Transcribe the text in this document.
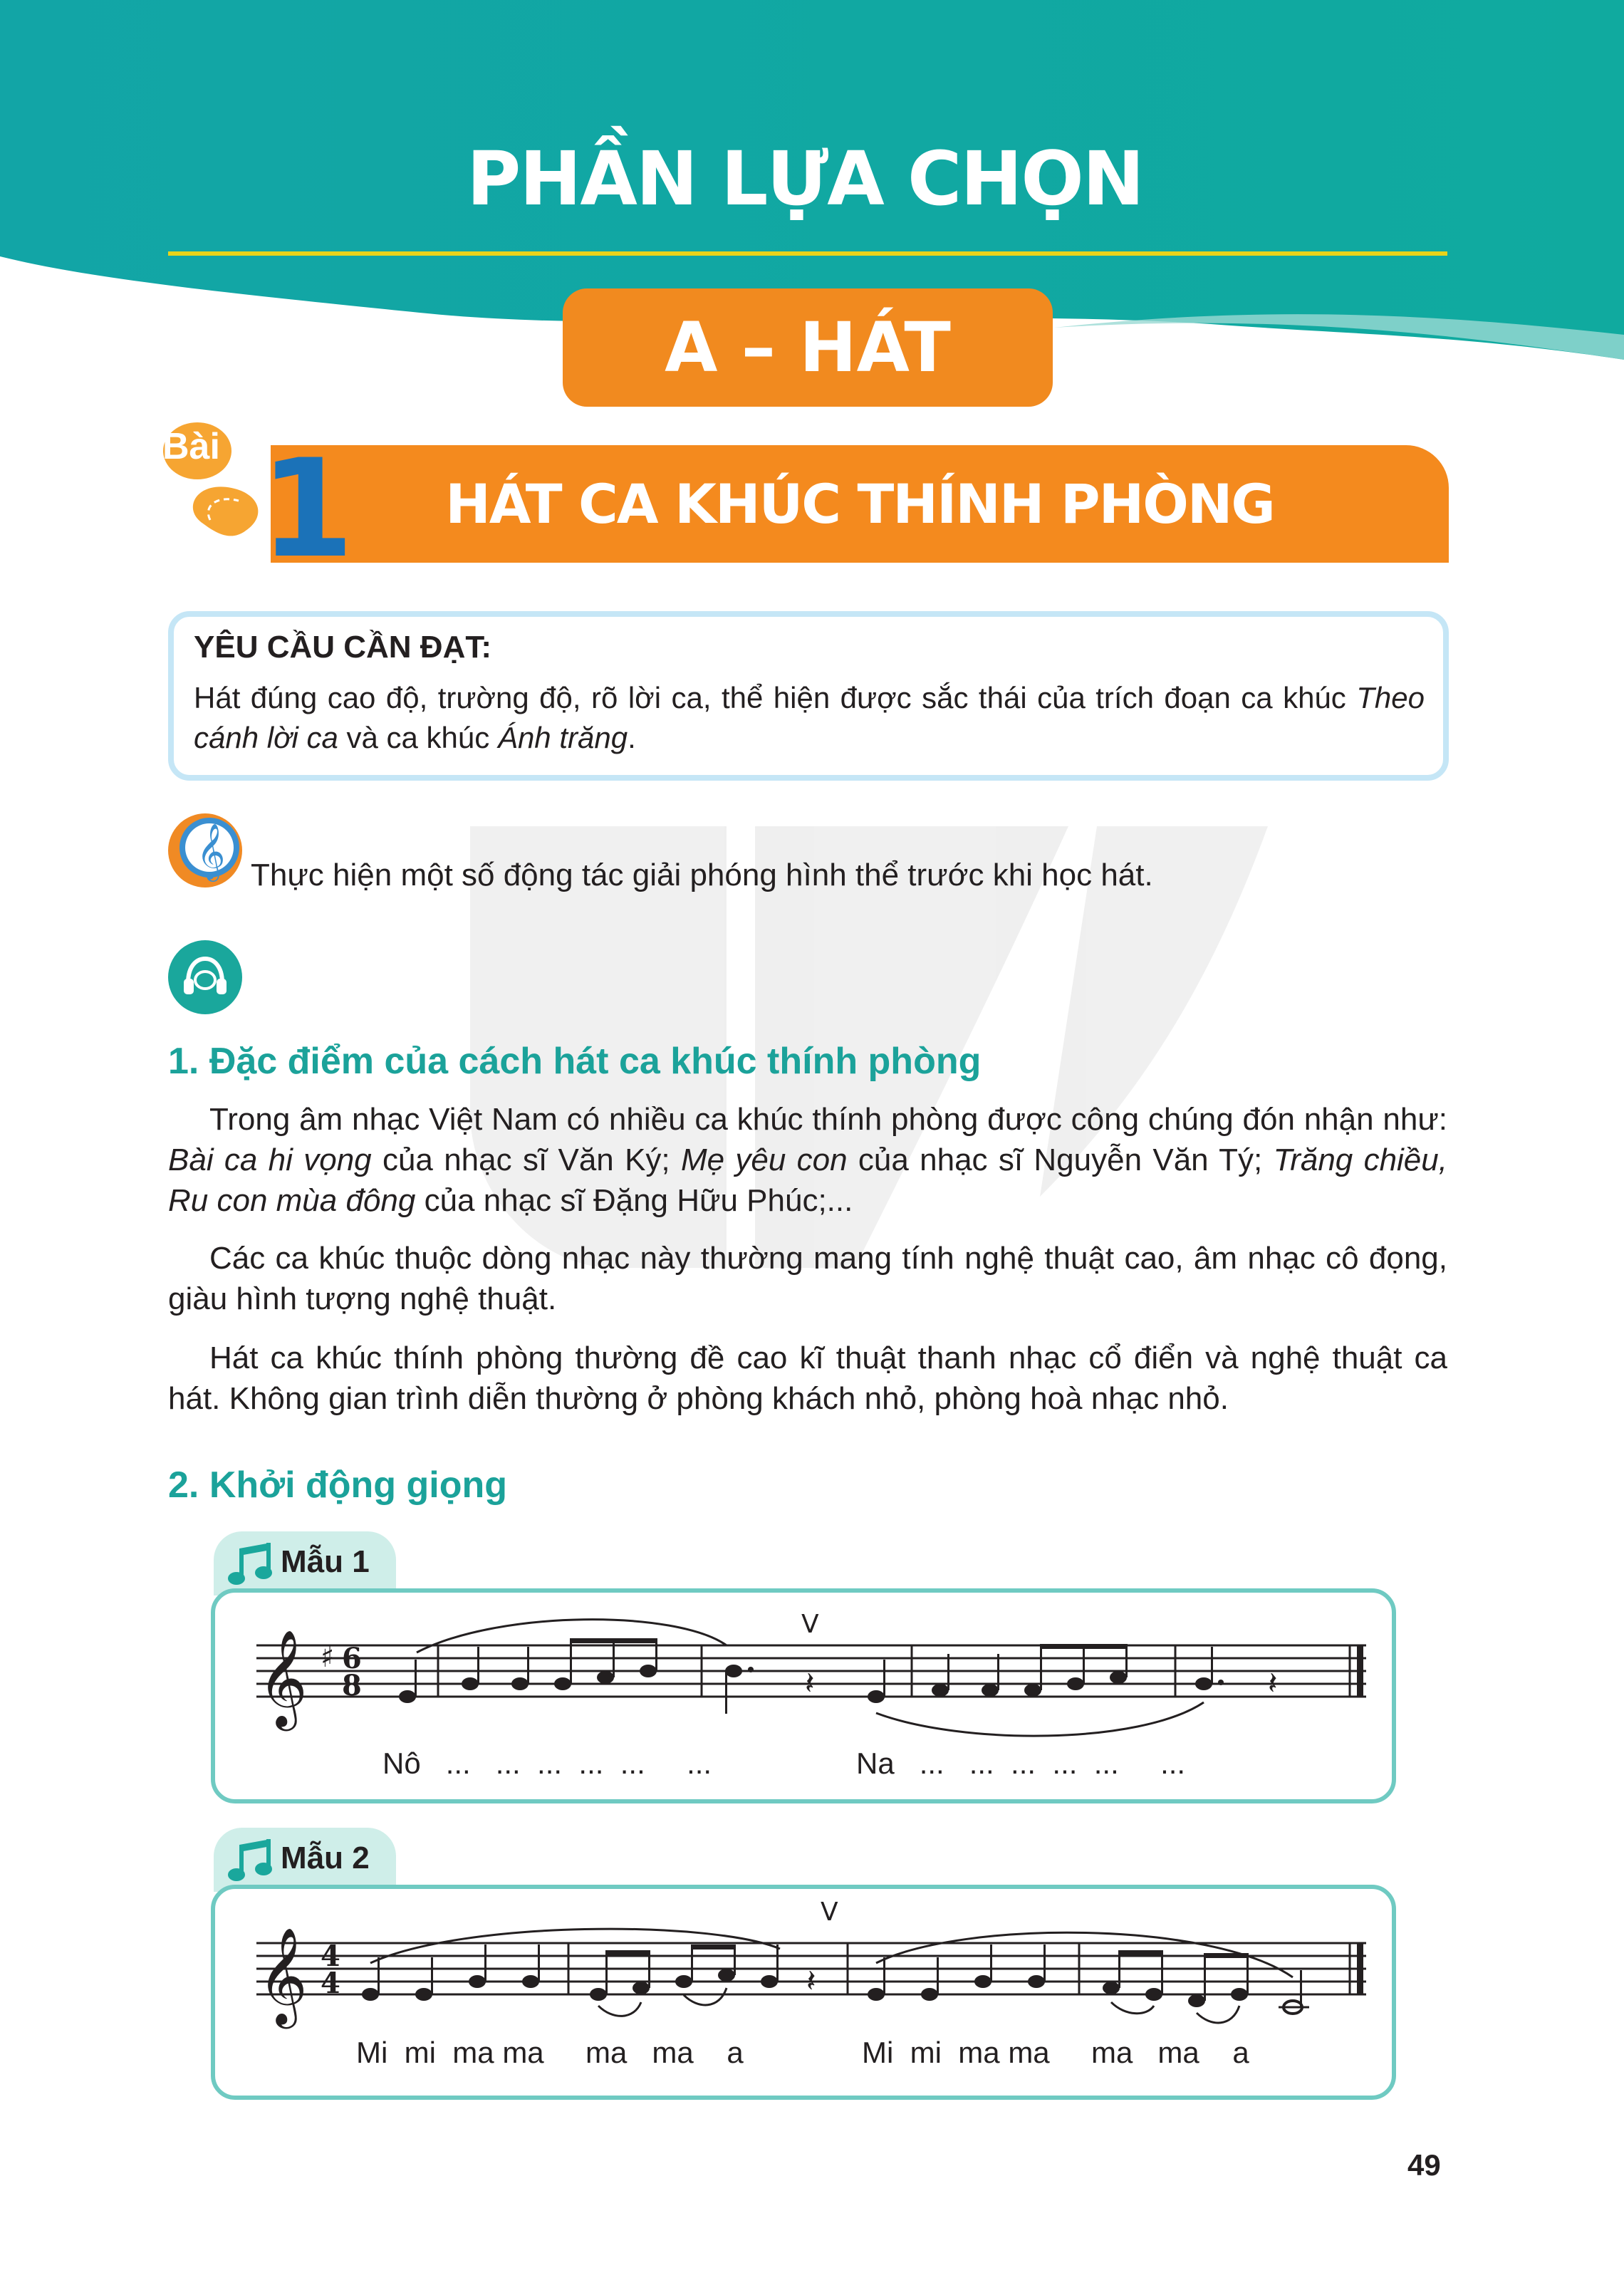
PHẦN LỰA CHỌN
A – HÁT
1
Bài
HÁT CA KHÚC THÍNH PHÒNG
YÊU CẦU CẦN ĐẠT:
Hát đúng cao độ, trường độ, rõ lời ca, thể hiện được sắc thái của trích đoạn ca khúc Theo cánh lời ca và ca khúc Ánh trăng.
𝄞 Thực hiện một số động tác giải phóng hình thể trước khi học hát.
1. Đặc điểm của cách hát ca khúc thính phòng
Trong âm nhạc Việt Nam có nhiều ca khúc thính phòng được công chúng đón nhận như: Bài ca hi vọng của nhạc sĩ Văn Ký; Mẹ yêu con của nhạc sĩ Nguyễn Văn Tý; Trăng chiều, Ru con mùa đông của nhạc sĩ Đặng Hữu Phúc;...
Các ca khúc thuộc dòng nhạc này thường mang tính nghệ thuật cao, âm nhạc cô đọng, giàu hình tượng nghệ thuật.
Hát ca khúc thính phòng thường đề cao kĩ thuật thanh nhạc cổ điển và nghệ thuật ca hát. Không gian trình diễn thường ở phòng khách nhỏ, phòng hoà nhạc nhỏ.
2. Khởi động giọng
Mẫu 1
𝄞 ♯ 6
8	𝄽	𝄽
V
Nô   ...   ...  ...  ...  ...     ...	Na   ...   ...  ...  ...  ...     ...
Mẫu 2
𝄞 4
4	𝄽
V
Mi  mi  ma ma     ma   ma    a	Mi  mi  ma ma     ma   ma    a
49
